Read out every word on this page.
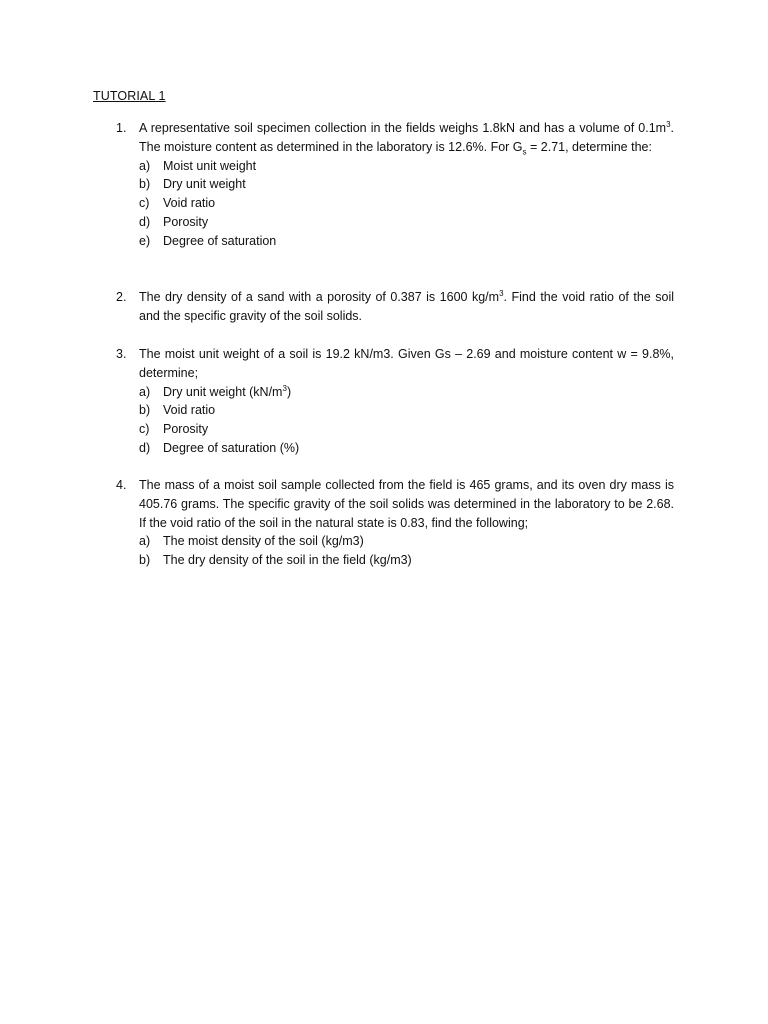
TUTORIAL 1
1.	A representative soil specimen collection in the fields weighs 1.8kN and has a volume of $0.1m^3$. The moisture content as determined in the laboratory is 12.6%. For $G_s = 2.71$, determine the:
a) Moist unit weight
b) Dry unit weight
c) Void ratio
d) Porosity
e) Degree of saturation
2.	The dry density of a sand with a porosity of 0.387 is 1600 $kg/m^3$. Find the void ratio of the soil and the specific gravity of the soil solids.
3.	The moist unit weight of a soil is 19.2 kN/m3. Given Gs – 2.69 and moisture content w = 9.8%, determine;
a) Dry unit weight $(kN/m^3)$
b) Void ratio
c) Porosity
d) Degree of saturation (%)
4.	The mass of a moist soil sample collected from the field is 465 grams, and its oven dry mass is 405.76 grams. The specific gravity of the soil solids was determined in the laboratory to be 2.68. If the void ratio of the soil in the natural state is 0.83, find the following;
a) The moist density of the soil (kg/m3)
b) The dry density of the soil in the field (kg/m3)
